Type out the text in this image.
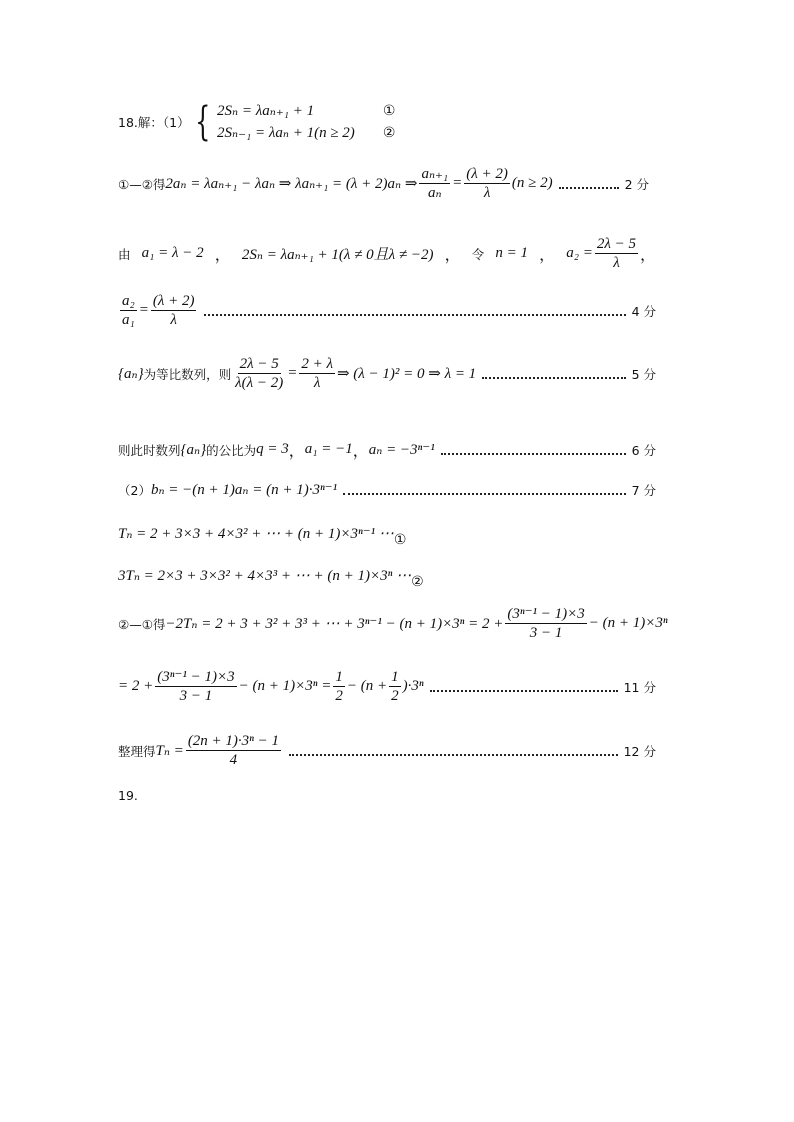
18.解：（1） { 2Sₙ = λaₙ₊₁ + 1
2Sₙ₋₁ = λaₙ + 1(n ≥ 2)
①
②
①—②得 2aₙ = λaₙ₊₁ − λaₙ ⇒ λaₙ₊₁ = (λ + 2)aₙ ⇒ $\frac{\text{aₙ₊₁}}{\text{aₙ}} = \frac{(\lambda + 2)}{\lambda} (n \ge 2)$	2 分
由 a₁ = λ − 2 ， 2Sₙ = λaₙ₊₁ + 1(λ ≠ 0且λ ≠ −2) ， 令 n = 1 ， $a_2 = \frac{2\lambda - 5}{\lambda}$ ，
$\frac{\text{a₂}}{\text{a₁}} = \frac{(\lambda + 2)}{\lambda}$	4 分
{aₙ} 为等比数列，则 $\frac{2\lambda - 5}{\lambda(\lambda - 2)} = \frac{2 + \lambda}{\lambda}$ ⇒ (λ − 1)² = 0 ⇒ λ = 1	5 分
则此时数列 {aₙ} 的公比为 q = 3 ， a₁ = −1 ， aₙ = −3ⁿ⁻¹	6 分
（2） bₙ = −(n + 1)aₙ = (n + 1)·3ⁿ⁻¹	7 分
Tₙ = 2 + 3×3 + 4×3² + ⋯ + (n + 1)×3ⁿ⁻¹ ⋯ ①
3Tₙ = 2×3 + 3×3² + 4×3³ + ⋯ + (n + 1)×3ⁿ ⋯ ②
②—①得 −2Tₙ = 2 + 3 + 3² + 3³ + ⋯ + $3^{n-1} - (n + 1)\times 3^n = 2 + \frac{\text{(3ⁿ⁻¹ − 1)×3}}{3 - 1} - (n + 1)\times 3^n$
= $2 + \frac{\text{(3ⁿ⁻¹ − 1)×3}}{3 - 1} - (n + 1)\times 3^n = \frac{1}{2} - (n + \frac{1}{2} )\cdot 3^n$	11 分
整理得 $T_n = \frac{\text{(2n + 1)·3ⁿ − 1}}{4}$	12 分
19.
